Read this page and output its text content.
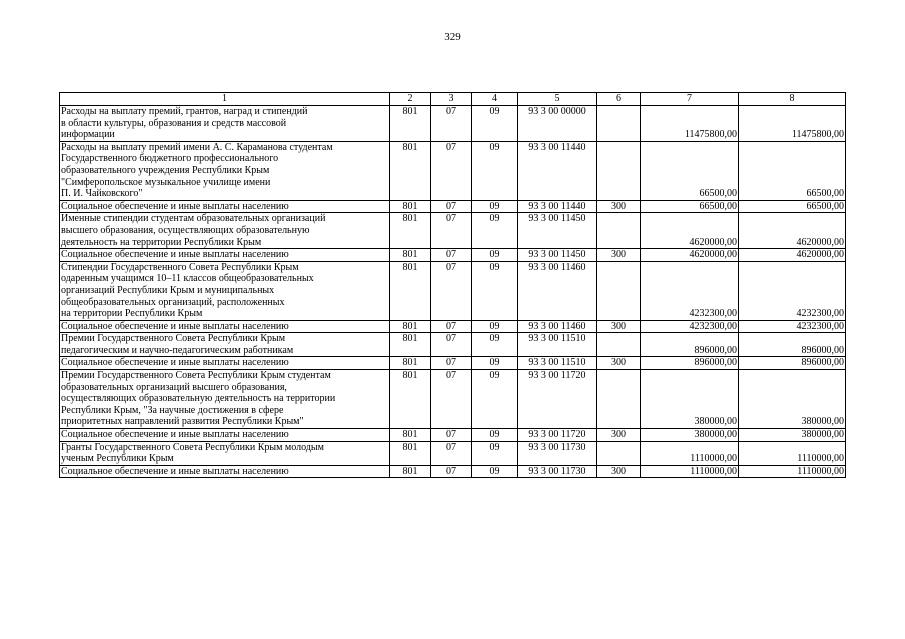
329
1	2	3	4	5	6	7	8
Расходы на выплату премий, грантов, наград и стипендий
в области культуры, образования и средств массовой
информации	801	07	09	93 3 00 00000		11475800,00	11475800,00
Расходы на выплату премий имени А. С. Караманова студентам
Государственного бюджетного профессионального
образовательного учреждения Республики Крым
"Симферопольское музыкальное училище имени
П. И. Чайковского"	801	07	09	93 3 00 11440		66500,00	66500,00
Социальное обеспечение и иные выплаты населению	801	07	09	93 3 00 11440	300	66500,00	66500,00
Именные стипендии студентам образовательных организаций
высшего образования, осуществляющих образовательную
деятельность на территории Республики Крым	801	07	09	93 3 00 11450		4620000,00	4620000,00
Социальное обеспечение и иные выплаты населению	801	07	09	93 3 00 11450	300	4620000,00	4620000,00
Стипендии Государственного Совета Республики Крым
одаренным учащимся 10–11 классов общеобразовательных
организаций Республики Крым и муниципальных
общеобразовательных организаций, расположенных
на территории Республики Крым	801	07	09	93 3 00 11460		4232300,00	4232300,00
Социальное обеспечение и иные выплаты населению	801	07	09	93 3 00 11460	300	4232300,00	4232300,00
Премии Государственного Совета Республики Крым
педагогическим и научно-педагогическим работникам	801	07	09	93 3 00 11510		896000,00	896000,00
Социальное обеспечение и иные выплаты населению	801	07	09	93 3 00 11510	300	896000,00	896000,00
Премии Государственного Совета Республики Крым студентам
образовательных организаций высшего образования,
осуществляющих образовательную деятельность на территории
Республики Крым, "За научные достижения в сфере
приоритетных направлений развития Республики Крым"	801	07	09	93 3 00 11720		380000,00	380000,00
Социальное обеспечение и иные выплаты населению	801	07	09	93 3 00 11720	300	380000,00	380000,00
Гранты Государственного Совета Республики Крым молодым
ученым Республики Крым	801	07	09	93 3 00 11730		1110000,00	1110000,00
Социальное обеспечение и иные выплаты населению	801	07	09	93 3 00 11730	300	1110000,00	1110000,00
